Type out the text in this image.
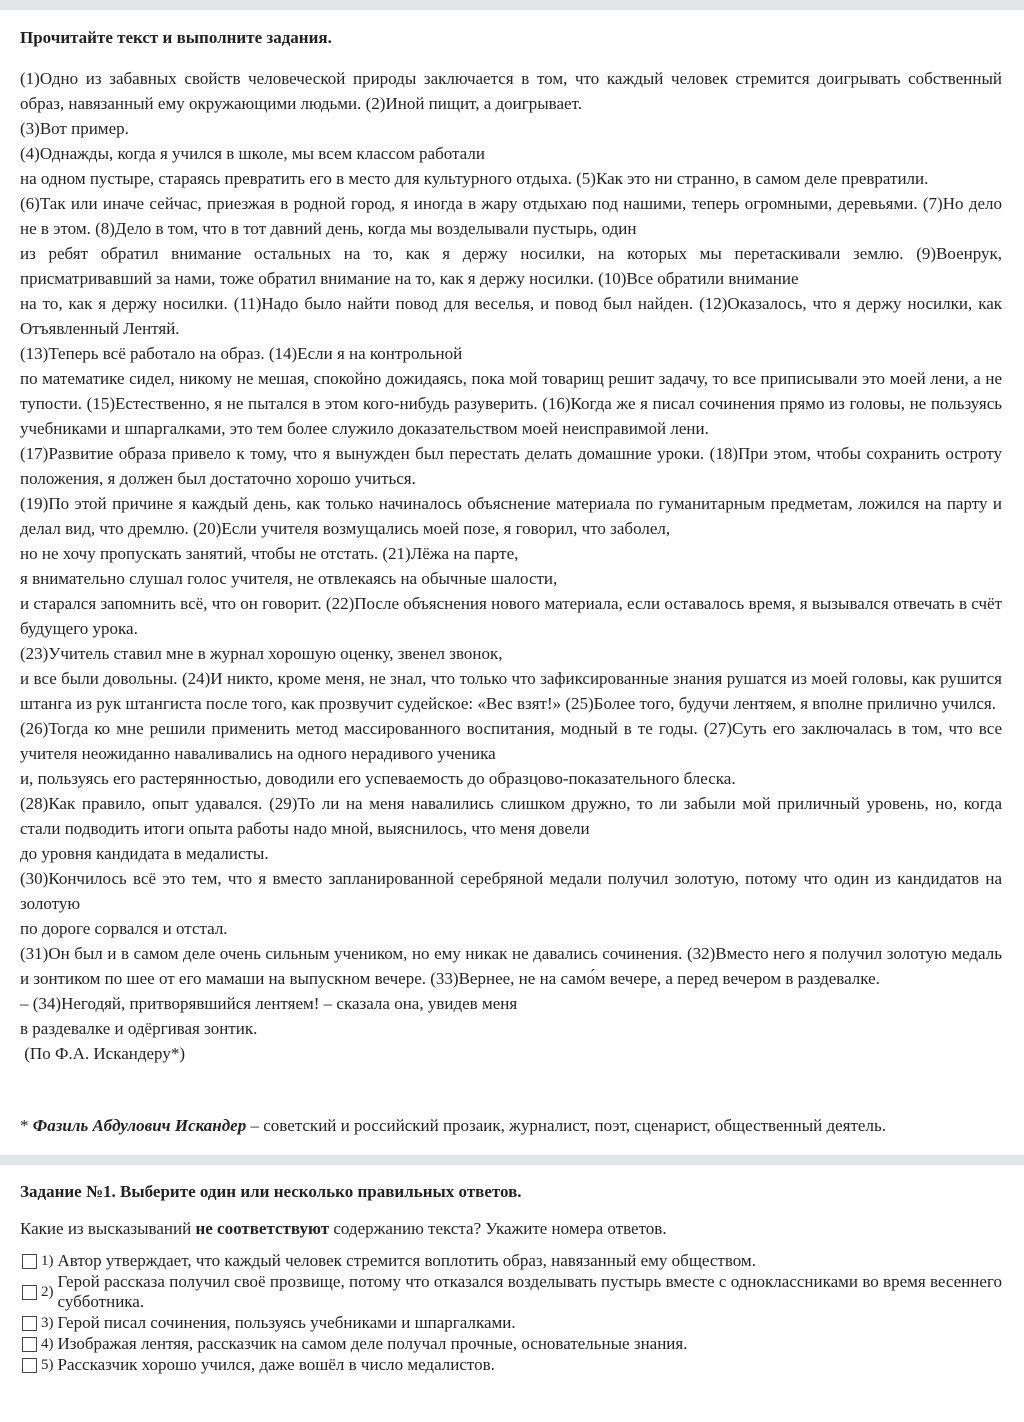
Прочитайте текст и выполните задания.

(1)Одно из забавных свойств человеческой природы заключается в том, что каждый человек стремится доигрывать собственный образ, навязанный ему окружающими людьми. (2)Иной пищит, а доигрывает.

(3)Вот пример.

(4)Однажды, когда я учился в школе, мы всем классом работали

на одном пустыре, стараясь превратить его в место для культурного отдыха. (5)Как это ни странно, в самом деле превратили.

(6)Так или иначе сейчас, приезжая в родной город, я иногда в жару отдыхаю под нашими, теперь огромными, деревьями. (7)Но дело не в этом. (8)Дело в том, что в тот давний день, когда мы возделывали пустырь, один

из ребят обратил внимание остальных на то, как я держу носилки, на которых мы перетаскивали землю. (9)Военрук, присматривавший за нами, тоже обратил внимание на то, как я держу носилки. (10)Все обратили внимание

на то, как я держу носилки. (11)Надо было найти повод для веселья, и повод был найден. (12)Оказалось, что я держу носилки, как Отъявленный Лентяй.

(13)Теперь всё работало на образ. (14)Если я на контрольной

по математике сидел, никому не мешая, спокойно дожидаясь, пока мой товарищ решит задачу, то все приписывали это моей лени, а не тупости. (15)Естественно, я не пытался в этом кого-нибудь разуверить. (16)Когда же я писал сочинения прямо из головы, не пользуясь учебниками и шпаргалками, это тем более служило доказательством моей неисправимой лени.

(17)Развитие образа привело к тому, что я вынужден был перестать делать домашние уроки. (18)При этом, чтобы сохранить остроту положения, я должен был достаточно хорошо учиться.

(19)По этой причине я каждый день, как только начиналось объяснение материала по гуманитарным предметам, ложился на парту и делал вид, что дремлю. (20)Если учителя возмущались моей позе, я говорил, что заболел,

но не хочу пропускать занятий, чтобы не отстать. (21)Лёжа на парте,

я внимательно слушал голос учителя, не отвлекаясь на обычные шалости,

и старался запомнить всё, что он говорит. (22)После объяснения нового материала, если оставалось время, я вызывался отвечать в счёт будущего урока.

(23)Учитель ставил мне в журнал хорошую оценку, звенел звонок,

и все были довольны. (24)И никто, кроме меня, не знал, что только что зафиксированные знания рушатся из моей головы, как рушится штанга из рук штангиста после того, как прозвучит судейское: «Вес взят!» (25)Более того, будучи лентяем, я вполне прилично учился.

(26)Тогда ко мне решили применить метод массированного воспитания, модный в те годы. (27)Суть его заключалась в том, что все учителя неожиданно наваливались на одного нерадивого ученика

и, пользуясь его растерянностью, доводили его успеваемость до образцово-показательного блеска.

(28)Как правило, опыт удавался. (29)То ли на меня навалились слишком дружно, то ли забыли мой приличный уровень, но, когда стали подводить итоги опыта работы надо мной, выяснилось, что меня довели

до уровня кандидата в медалисты.

(30)Кончилось всё это тем, что я вместо запланированной серебряной медали получил золотую, потому что один из кандидатов на золотую

по дороге сорвался и отстал.

(31)Он был и в самом деле очень сильным учеником, но ему никак не давались сочинения. (32)Вместо него я получил золотую медаль и зонтиком по шее от его мамаши на выпускном вечере. (33)Вернее, не на само́м вечере, а перед вечером в раздевалке.

– (34)Негодяй, притворявшийся лентяем! – сказала она, увидев меня

в раздевалке и одёргивая зонтик.

(По Ф.А. Искандеру*)

* Фазиль Абдулович Искандер – советский и российский прозаик, журналист, поэт, сценарист, общественный деятель.
Задание №1. Выберите один или несколько правильных ответов.
Какие из высказываний не соответствуют содержанию текста? Укажите номера ответов.
1) Автор утверждает, что каждый человек стремится воплотить образ, навязанный ему обществом.
2)
Герой рассказа получил своё прозвище, потому что отказался возделывать пустырь вместе с одноклассниками во время весеннего субботника.
3) Герой писал сочинения, пользуясь учебниками и шпаргалками.
4) Изображая лентяя, рассказчик на самом деле получал прочные, основательные знания.
5) Рассказчик хорошо учился, даже вошёл в число медалистов.
